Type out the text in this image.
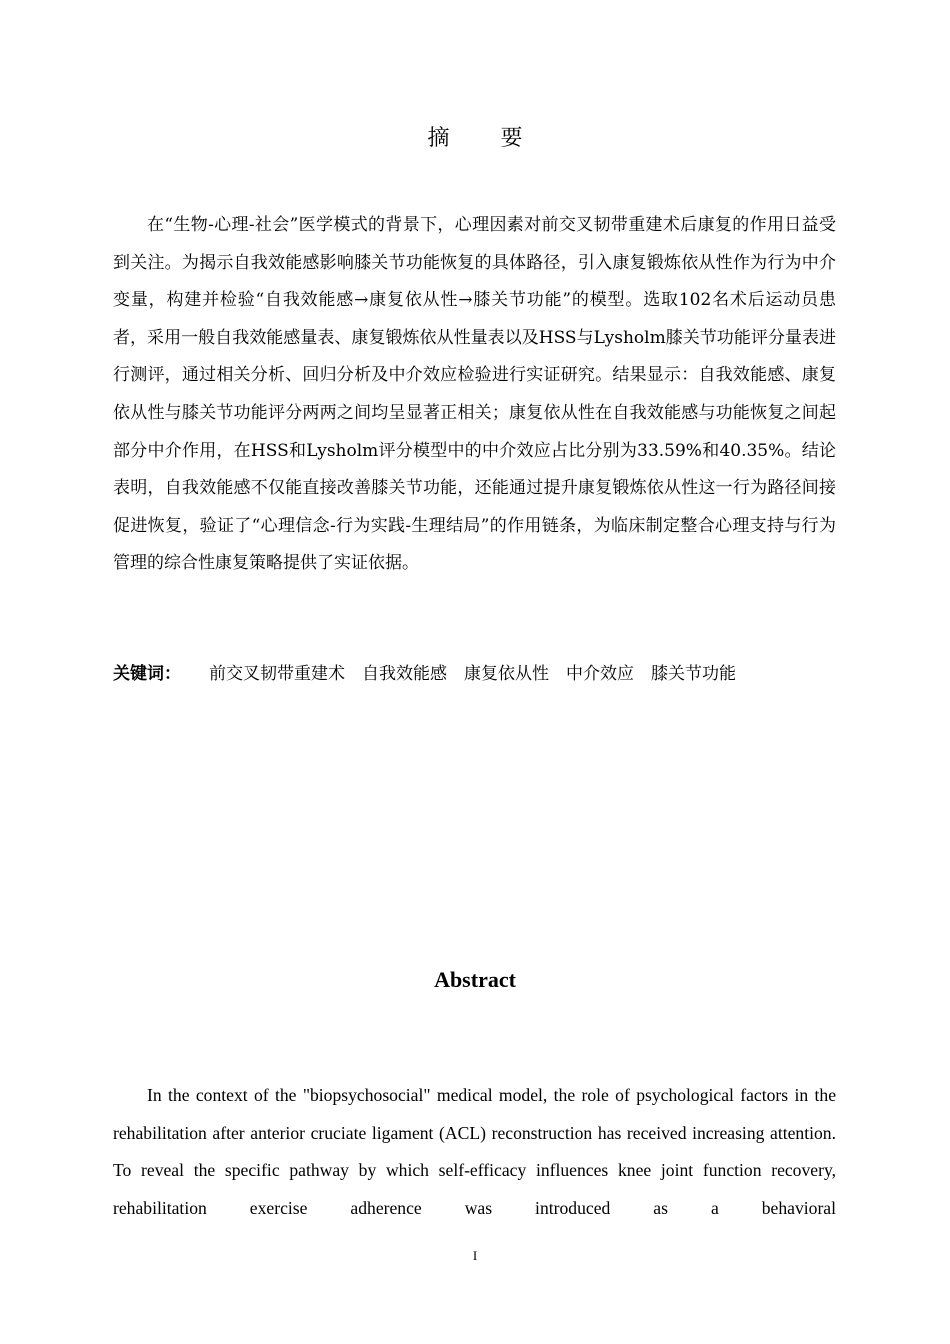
摘 要

在“生物-心理-社会”医学模式的背景下，心理因素对前交叉韧带重建术后康复的作用日益受到关注。为揭示自我效能感影响膝关节功能恢复的具体路径，引入康复锻炼依从性作为行为中介变量，构建并检验“自我效能感→康复依从性→膝关节功能”的模型。选取102名术后运动员患者，采用一般自我效能感量表、康复锻炼依从性量表以及HSS与Lysholm膝关节功能评分量表进行测评，通过相关分析、回归分析及中介效应检验进行实证研究。结果显示：自我效能感、康复依从性与膝关节功能评分两两之间均呈显著正相关；康复依从性在自我效能感与功能恢复之间起部分中介作用，在HSS和Lysholm评分模型中的中介效应占比分别为33.59%和40.35%。结论表明，自我效能感不仅能直接改善膝关节功能，还能通过提升康复锻炼依从性这一行为路径间接促进恢复，验证了“心理信念-行为实践-生理结局”的作用链条，为临床制定整合心理支持与行为管理的综合性康复策略提供了实证依据。

关键词： 前交叉韧带重建术 自我效能感 康复依从性 中介效应 膝关节功能
Abstract

In the context of the "biopsychosocial" medical model, the role of psychological factors in the rehabilitation after anterior cruciate ligament (ACL) reconstruction has received increasing attention. To reveal the specific pathway by which self-efficacy influences knee joint function recovery, rehabilitation exercise adherence was introduced as a behavioral

I
